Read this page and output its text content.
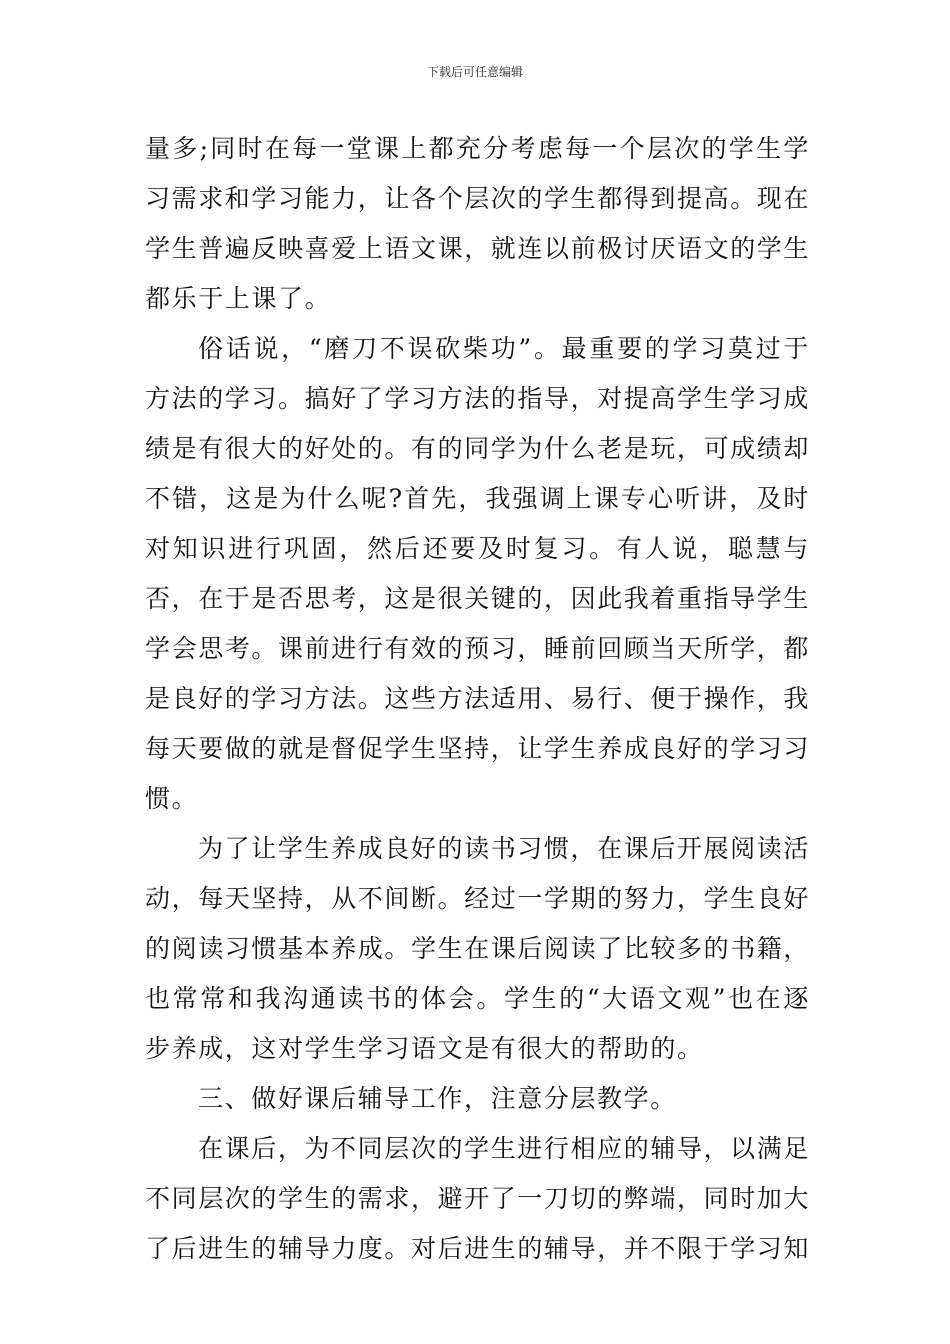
下载后可任意编辑

量多;同时在每一堂课上都充分考虑每一个层次的学生学习需求和学习能力，让各个层次的学生都得到提高。现在学生普遍反映喜爱上语文课，就连以前极讨厌语文的学生都乐于上课了。

俗话说，“磨刀不误砍柴功”。最重要的学习莫过于方法的学习。搞好了学习方法的指导，对提高学生学习成绩是有很大的好处的。有的同学为什么老是玩，可成绩却不错，这是为什么呢?首先，我强调上课专心听讲，及时对知识进行巩固，然后还要及时复习。有人说，聪慧与否，在于是否思考，这是很关键的，因此我着重指导学生学会思考。课前进行有效的预习，睡前回顾当天所学，都是良好的学习方法。这些方法适用、易行、便于操作，我每天要做的就是督促学生坚持，让学生养成良好的学习习惯。

为了让学生养成良好的读书习惯，在课后开展阅读活动，每天坚持，从不间断。经过一学期的努力，学生良好的阅读习惯基本养成。学生在课后阅读了比较多的书籍，也常常和我沟通读书的体会。学生的“大语文观”也在逐步养成，这对学生学习语文是有很大的帮助的。

三、做好课后辅导工作，注意分层教学。

在课后，为不同层次的学生进行相应的辅导，以满足不同层次的学生的需求，避开了一刀切的弊端，同时加大了后进生的辅导力度。对后进生的辅导，并不限于学习知
